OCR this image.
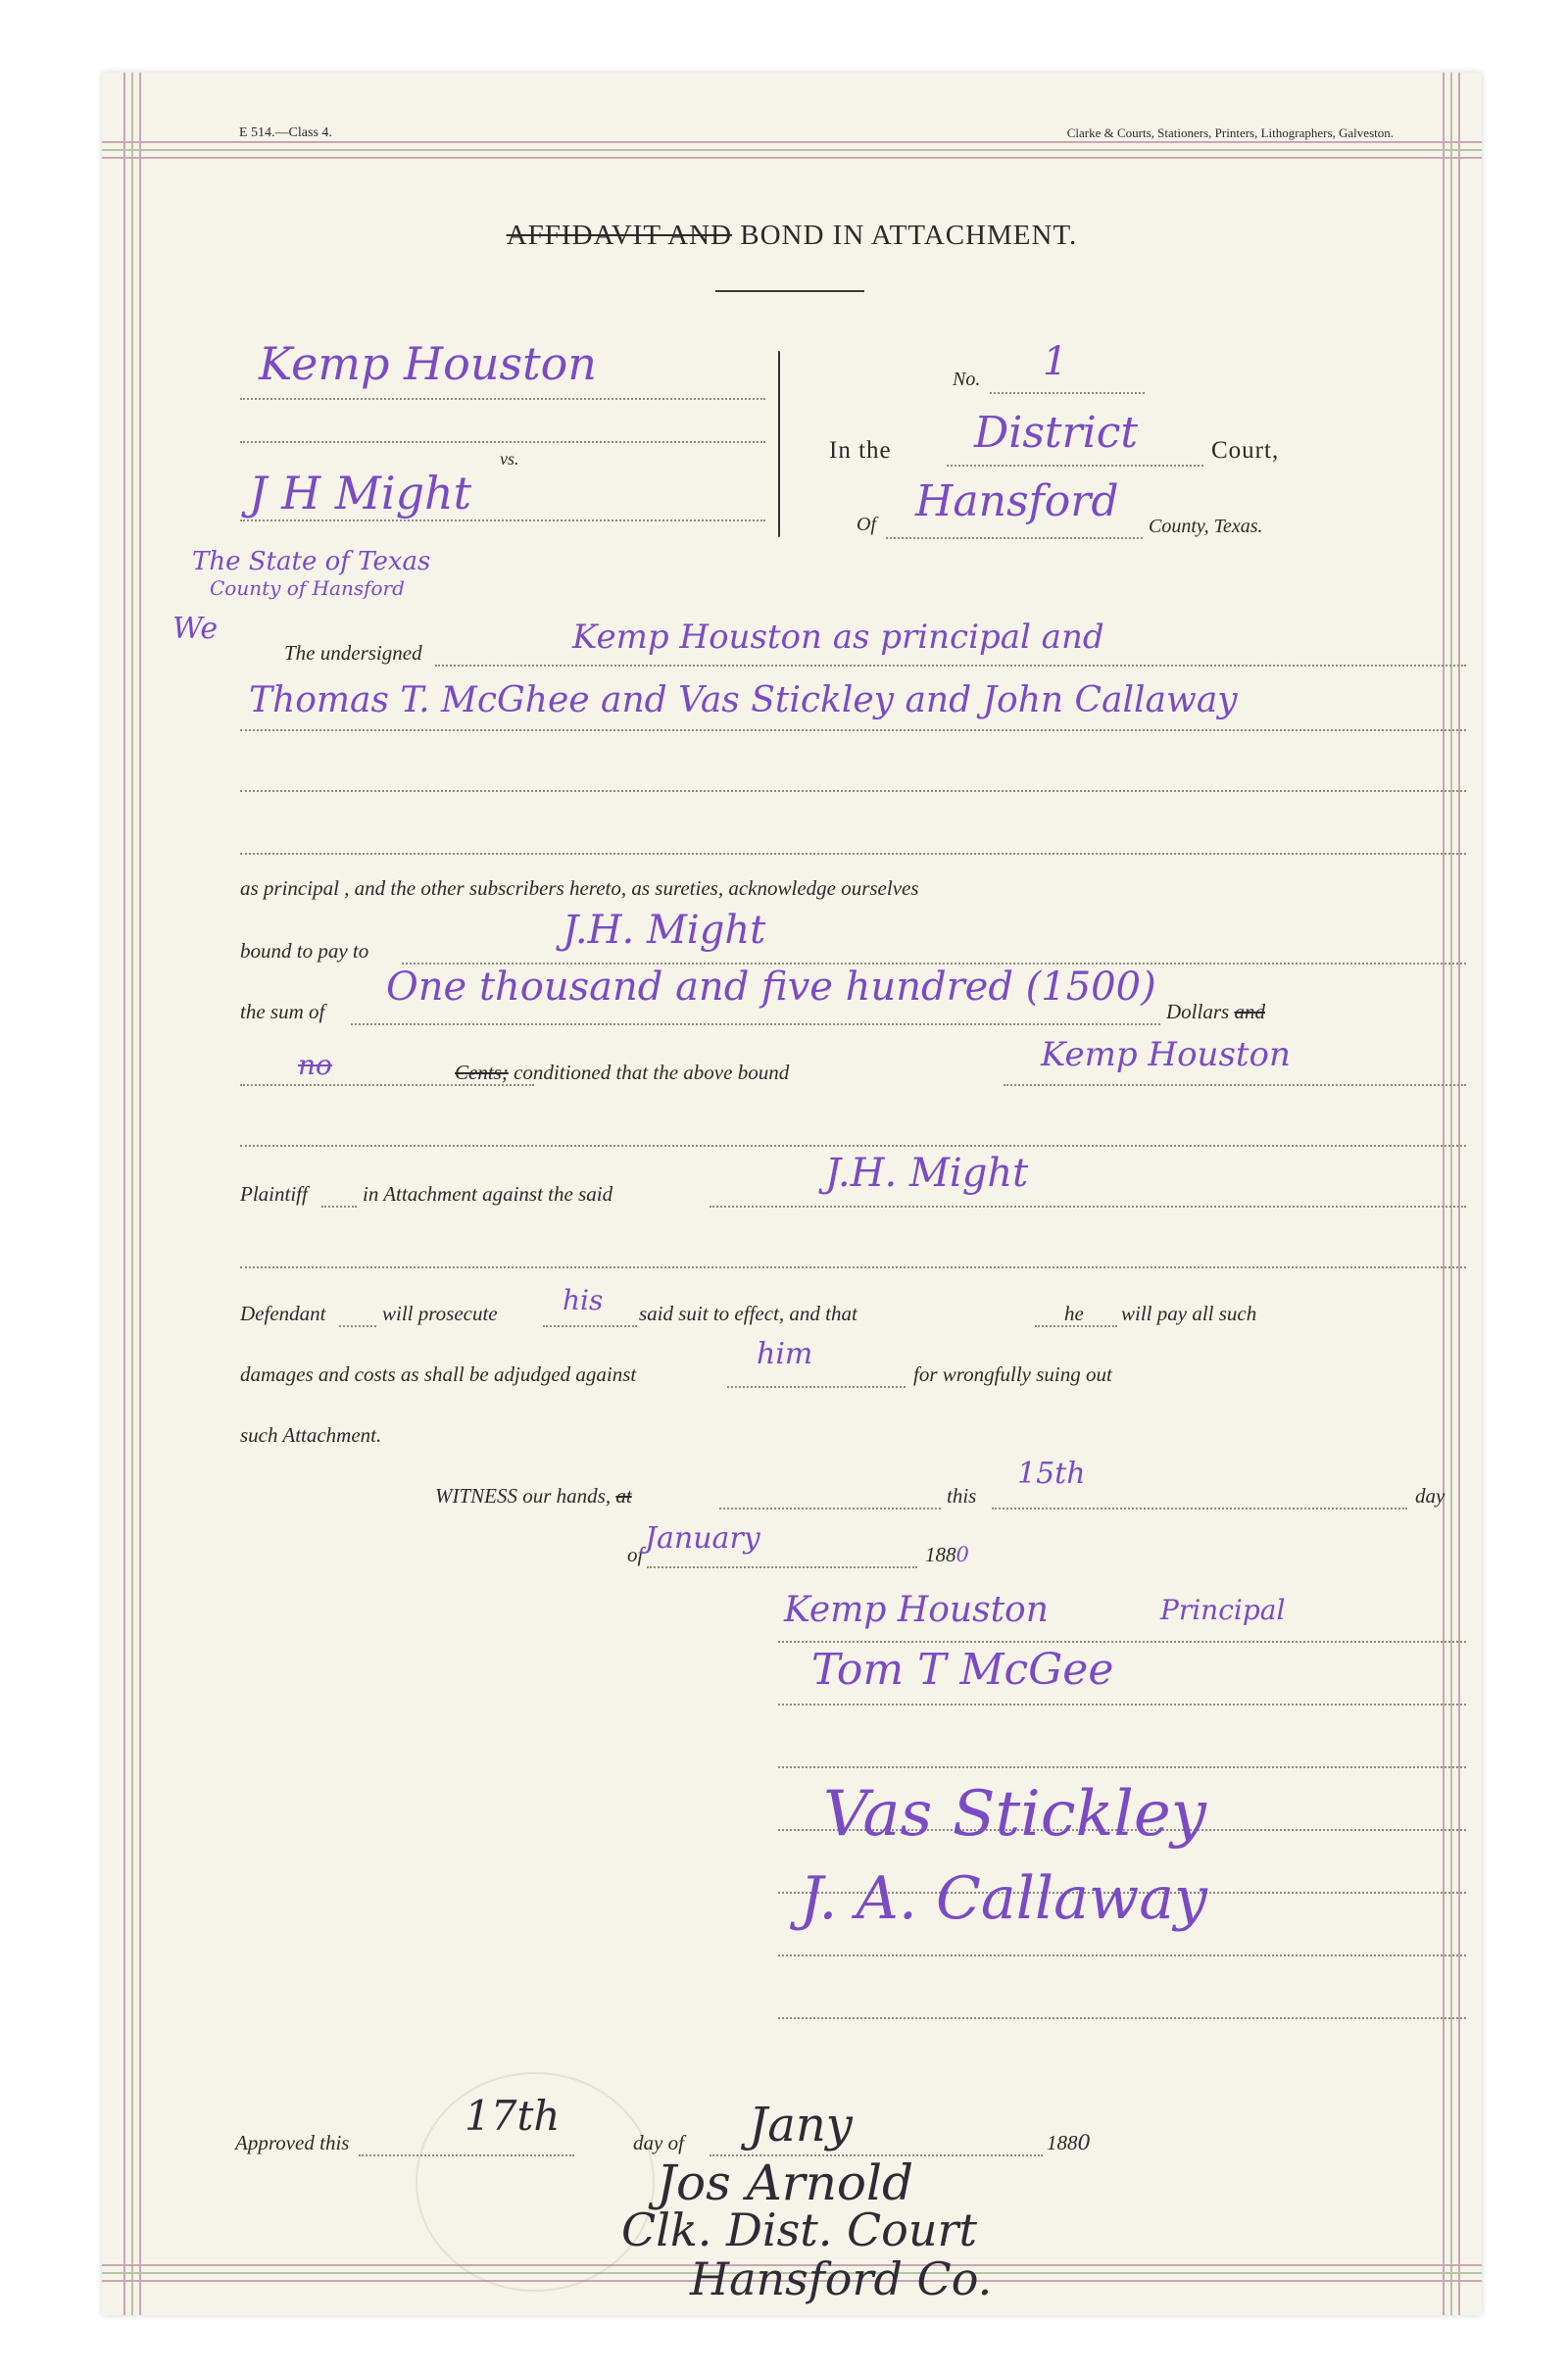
E 514.—Class 4.	Clarke & Courts, Stationers, Printers, Lithographers, Galveston.
AFFIDAVIT AND BOND IN ATTACHMENT.
Kemp Houston
vs.
J H Might
No. 1
In the District	Court,
Of Hansford County, Texas.
The State of Texas
County of Hansford
We
The undersigned	Kemp Houston as principal and
Thomas T. McGhee and Vas Stickley and John Callaway
as principal , and the other subscribers hereto, as sureties, acknowledge ourselves
bound to pay to	J.H. Might
the sum of
One thousand and five hundred (1500)
Dollars and
no	Cents; conditioned that the above bound	Kemp Houston
Plaintiff	in Attachment against the said	J.H. Might
Defendant	will prosecute his said suit to effect, and that	he will pay all such
damages and costs as shall be adjudged against
him
for wrongfully suing out
such Attachment.
WITNESS our hands, at	this
15th
day
of January	1880
Kemp Houston	Principal
Tom T McGee
Vas Stickley
J. A. Callaway
Approved this
17th
day of Jany	1880
Jos Arnold
Clk. Dist. Court
Hansford Co.
